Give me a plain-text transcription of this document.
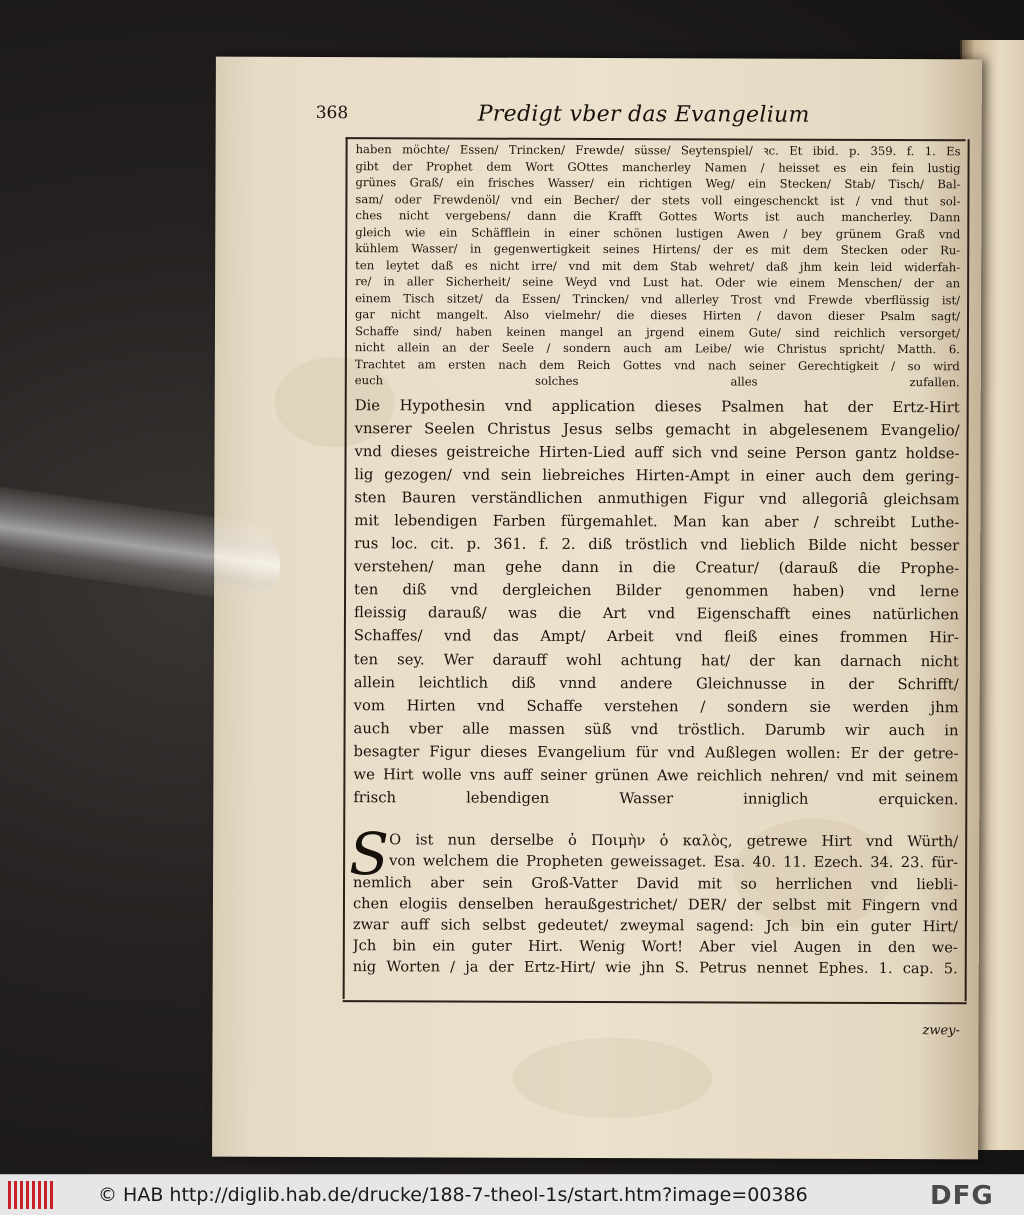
368	Predigt vber das Evangelium
haben möchte/ Essen/ Trincken/ Frewde/ süsse/ Seytenspiel/ ꝛc. Et ibid. p. 359. f. 1. Es
gibt der Prophet dem Wort GOttes mancherley Namen / heisset es ein fein lustig
grünes Graß/ ein frisches Wasser/ ein richtigen Weg/ ein Stecken/ Stab/ Tisch/ Bal-
sam/ oder Frewdenöl/ vnd ein Becher/ der stets voll eingeschenckt ist / vnd thut sol-
ches nicht vergebens/ dann die Krafft Gottes Worts ist auch mancherley. Dann
gleich wie ein Schäfflein in einer schönen lustigen Awen / bey grünem Graß vnd
kühlem Wasser/ in gegenwertigkeit seines Hirtens/ der es mit dem Stecken oder Ru-
ten leytet daß es nicht irre/ vnd mit dem Stab wehret/ daß jhm kein leid widerfah-
re/ in aller Sicherheit/ seine Weyd vnd Lust hat. Oder wie einem Menschen/ der an
einem Tisch sitzet/ da Essen/ Trincken/ vnd allerley Trost vnd Frewde vberflüssig ist/
gar nicht mangelt. Also vielmehr/ die dieses Hirten / davon dieser Psalm sagt/
Schaffe sind/ haben keinen mangel an jrgend einem Gute/ sind reichlich versorget/
nicht allein an der Seele / sondern auch am Leibe/ wie Christus spricht/ Matth. 6.
Trachtet am ersten nach dem Reich Gottes vnd nach seiner Gerechtigkeit / so wird
euch solches alles zufallen.
Die Hypothesin vnd application dieses Psalmen hat der Ertz-Hirt
vnserer Seelen Christus Jesus selbs gemacht in abgelesenem Evangelio/
vnd dieses geistreiche Hirten-Lied auff sich vnd seine Person gantz holdse-
lig gezogen/ vnd sein liebreiches Hirten-Ampt in einer auch dem gering-
sten Bauren verständlichen anmuthigen Figur vnd allegoriâ gleichsam
mit lebendigen Farben fürgemahlet. Man kan aber / schreibt Luthe-
rus loc. cit. p. 361. f. 2. diß tröstlich vnd lieblich Bilde nicht besser
verstehen/ man gehe dann in die Creatur/ (darauß die Prophe-
ten diß vnd dergleichen Bilder genommen haben) vnd lerne
fleissig darauß/ was die Art vnd Eigenschafft eines natürlichen
Schaffes/ vnd das Ampt/ Arbeit vnd fleiß eines frommen Hir-
ten sey. Wer darauff wohl achtung hat/ der kan darnach nicht
allein leichtlich diß vnnd andere Gleichnusse in der Schrifft/
vom Hirten vnd Schaffe verstehen / sondern sie werden jhm
auch vber alle massen süß vnd tröstlich. Darumb wir auch in
besagter Figur dieses Evangelium für vnd Außlegen wollen: Er der getre-
we Hirt wolle vns auff seiner grünen Awe reichlich nehren/ vnd mit seinem
frisch lebendigen Wasser inniglich erquicken.
S O ist nun derselbe ὁ Ποιμὴν ὁ καλὸς, getrewe Hirt vnd Würth/
von welchem die Propheten geweissaget. Esa. 40. 11. Ezech. 34. 23. für-
nemlich aber sein Groß-Vatter David mit so herrlichen vnd liebli-
chen elogiis denselben heraußgestrichet/ DER/ der selbst mit Fingern vnd
zwar auff sich selbst gedeutet/ zweymal sagend: Jch bin ein guter Hirt/
Jch bin ein guter Hirt. Wenig Wort! Aber viel Augen in den we-
nig Worten / ja der Ertz-Hirt/ wie jhn S. Petrus nennet Ephes. 1. cap. 5.
zwey-
© HAB http://diglib.hab.de/drucke/188-7-theol-1s/start.htm?image=00386	DFG
